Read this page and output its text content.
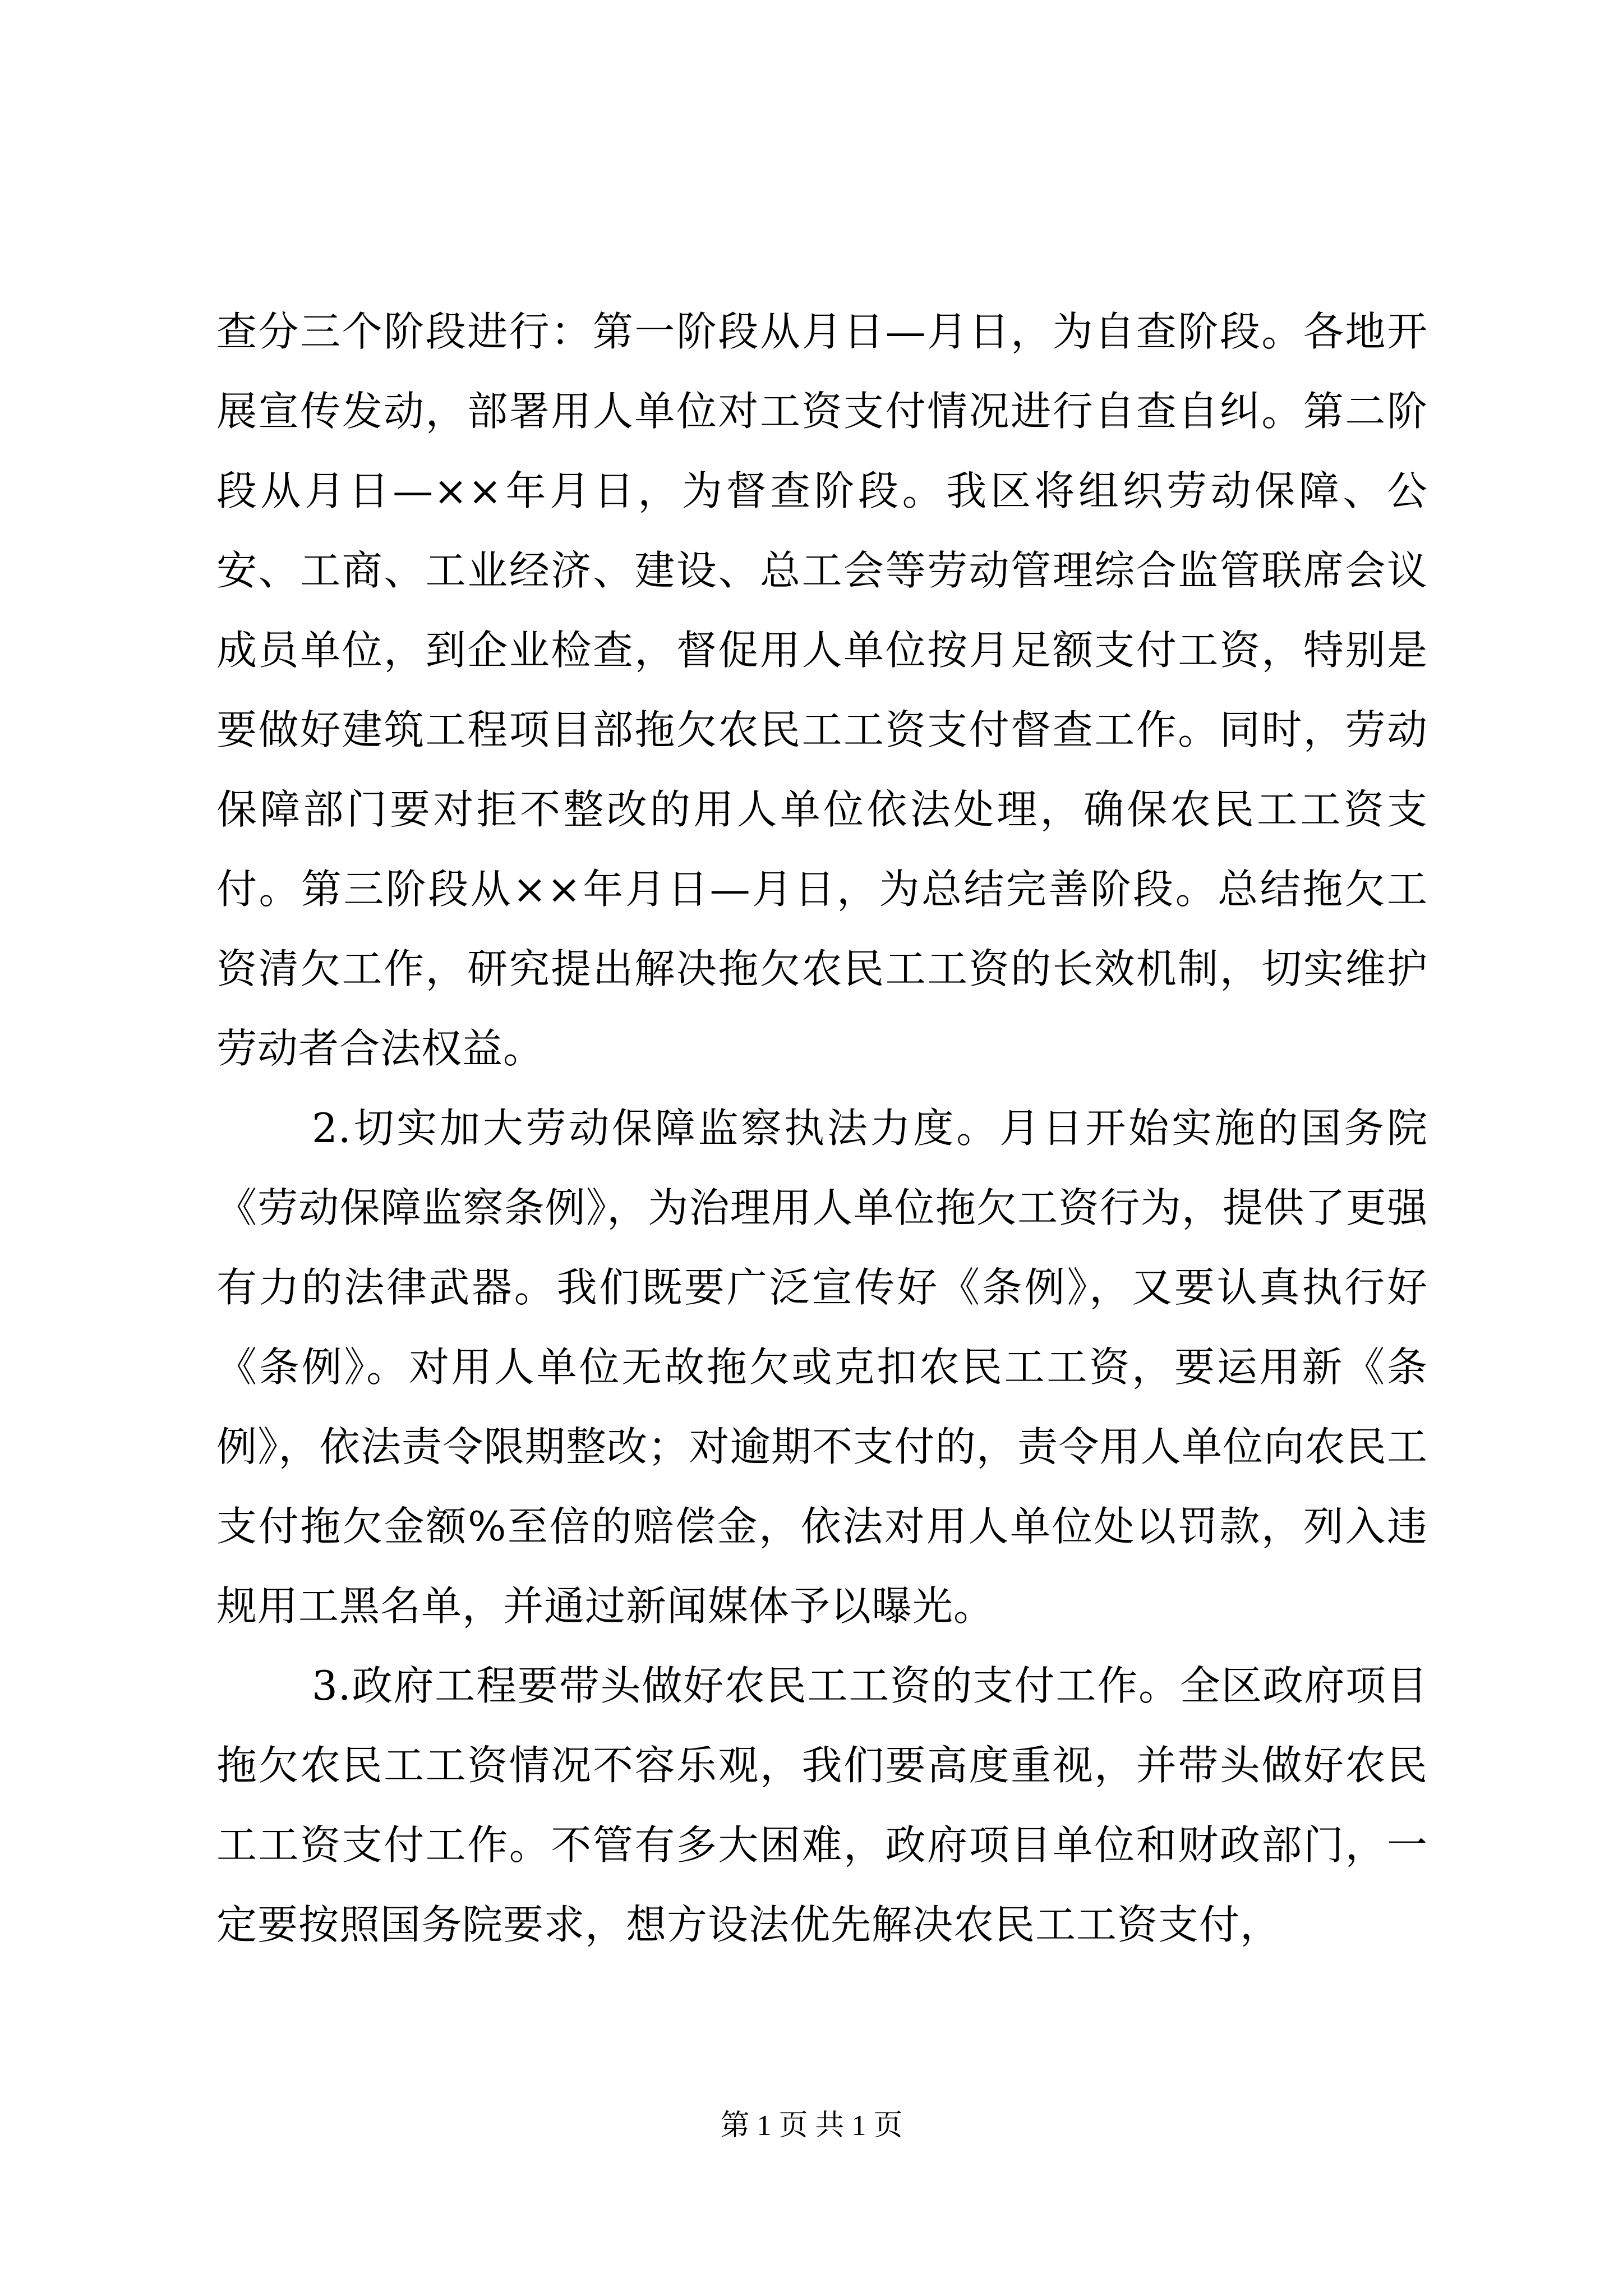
查分三个阶段进行：第一阶段从月日—月日，为自查阶段。各地开展宣传发动，部署用人单位对工资支付情况进行自查自纠。第二阶段从月日—××年月日，为督查阶段。我区将组织劳动保障、公安、工商、工业经济、建设、总工会等劳动管理综合监管联席会议成员单位，到企业检查，督促用人单位按月足额支付工资，特别是要做好建筑工程项目部拖欠农民工工资支付督查工作。同时，劳动保障部门要对拒不整改的用人单位依法处理，确保农民工工资支付。第三阶段从××年月日—月日，为总结完善阶段。总结拖欠工资清欠工作，研究提出解决拖欠农民工工资的长效机制，切实维护劳动者合法权益。

2.切实加大劳动保障监察执法力度。月日开始实施的国务院《劳动保障监察条例》，为治理用人单位拖欠工资行为，提供了更强有力的法律武器。我们既要广泛宣传好《条例》，又要认真执行好《条例》。对用人单位无故拖欠或克扣农民工工资，要运用新《条例》，依法责令限期整改；对逾期不支付的，责令用人单位向农民工支付拖欠金额%至倍的赔偿金，依法对用人单位处以罚款，列入违规用工黑名单，并通过新闻媒体予以曝光。

3.政府工程要带头做好农民工工资的支付工作。全区政府项目拖欠农民工工资情况不容乐观，我们要高度重视，并带头做好农民工工资支付工作。不管有多大困难，政府项目单位和财政部门，一定要按照国务院要求，想方设法优先解决农民工工资支付，

第 1 页 共 1 页
